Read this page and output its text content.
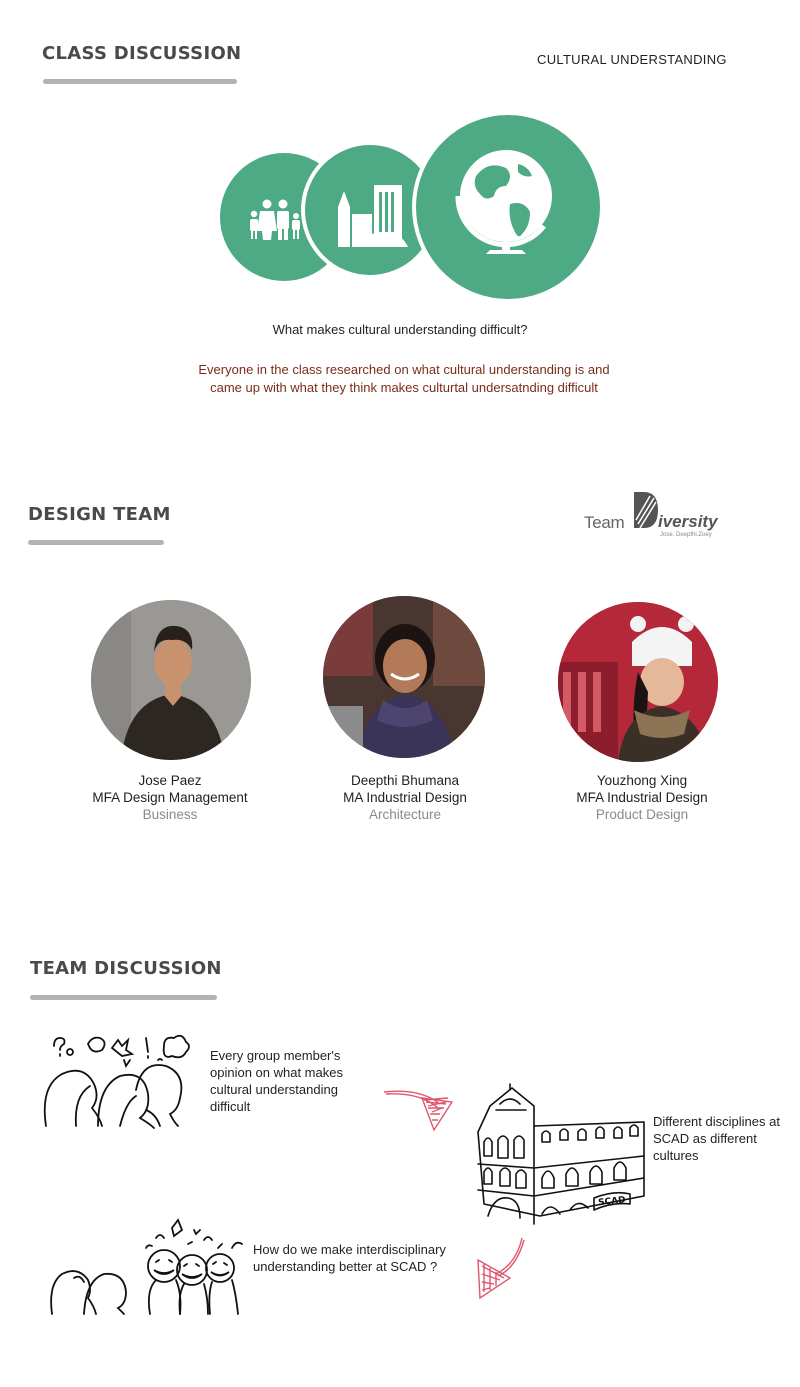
CLASS DISCUSSION	CULTURAL UNDERSTANDING
What makes cultural understanding difficult?
Everyone in the class researched on what cultural understanding is and
came up with what they think makes culturtal undersatnding difficult
DESIGN TEAM	Team iversity
Jose. Deepthi.Zoey
Jose Paez
MFA Design Management
Business
Deepthi Bhumana
MA Industrial Design
Architecture
Youzhong Xing
MFA Industrial Design
Product Design
TEAM DISCUSSION
Every group member's
opinion on what makes
cultural understanding
difficult
SCAD
Different disciplines at
SCAD as different
cultures
How do we make interdisciplinary
understanding better at SCAD ?
